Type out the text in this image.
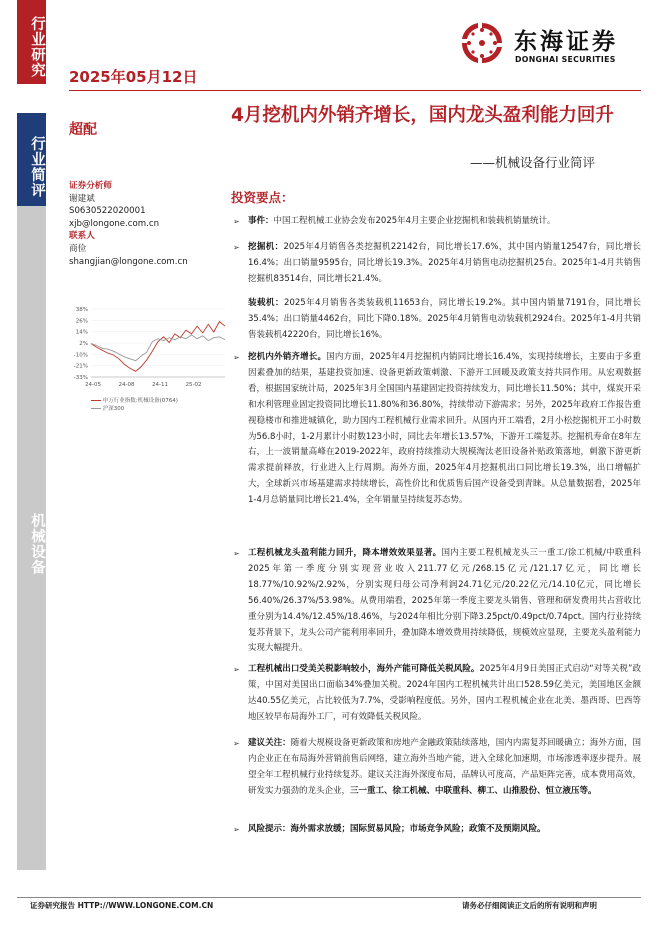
行业研究
行业简评
机械设备
2025年05月12日
东海证券
DONGHAI SECURITIES
超配
4月挖机内外销齐增长，国内龙头盈利能力回升
——机械设备行业简评
证券分析师
谢建斌
S0630522020001
xjb@longone.com.cn
联系人
商俭
shangjian@longone.com.cn
38%
26%
14%
2%
-10%
-21%
-33%
24-05	24-08	24-11	25-02
申万行业指数:机械设备(0764)
沪深300
投资要点：
➢ 事件：中国工程机械工业协会发布2025年4月主要企业挖掘机和装载机销量统计。
➢ 挖掘机：2025年4月销售各类挖掘机22142台，同比增长17.6%，其中国内销量12547台，同比增长16.4%；出口销量9595台，同比增长19.3%。2025年4月销售电动挖掘机25台。2025年1-4月共销售挖掘机83514台，同比增长21.4%。
装载机：2025年4月销售各类装载机11653台，同比增长19.2%。其中国内销量7191台，同比增长35.4%；出口销量4462台，同比下降0.18%。2025年4月销售电动装载机2924台。2025年1-4月共销售装载机42220台，同比增长16%。
➢ 挖机内外销齐增长。国内方面，2025年4月挖掘机内销同比增长16.4%，实现持续增长，主要由于多重因素叠加的结果，基建投资加速、设备更新政策刺激、下游开工回暖及政策支持共同作用。从宏观数据看，根据国家统计局，2025年3月全国国内基建固定投资持续发力，同比增长11.50%；其中，煤炭开采和水利管理业固定投资同比增长11.80%和36.80%，持续带动下游需求；另外，2025年政府工作报告重视稳楼市和推进城镇化，助力国内工程机械行业需求回升。从国内开工端看，2月小松挖掘机开工小时数为56.8小时，1-2月累计小时数123小时，同比去年增长13.57%，下游开工端复苏。挖掘机寿命在8年左右，上一波销量高峰在2019-2022年，政府持续推动大规模淘汰老旧设备补贴政策落地，刺激下游更新需求提前释放，行业进入上行周期。海外方面，2025年4月挖掘机出口同比增长19.3%，出口增幅扩大，全球新兴市场基建需求持续增长，高性价比和优质售后国产设备受到青睐。从总量数据看，2025年1-4月总销量同比增长21.4%，全年销量呈持续复苏态势。
➢ 工程机械龙头盈利能力回升，降本增效效果显著。国内主要工程机械龙头三一重工/徐工机械/中联重科2025年第一季度分别实现营业收入211.77亿元/268.15亿元/121.17亿元，同比增长18.77%/10.92%/2.92%，分别实现归母公司净利润24.71亿元/20.22亿元/14.10亿元，同比增长56.40%/26.37%/53.98%。从费用端看，2025年第一季度主要龙头销售、管理和研发费用共占营收比重分别为14.4%/12.45%/18.46%，与2024年相比分别下降3.25pct/0.49pct/0.74pct。国内行业持续复苏背景下，龙头公司产能利用率回升，叠加降本增效费用持续降低，规模效应显现，主要龙头盈利能力实现大幅提升。
➢ 工程机械出口受美关税影响较小，海外产能可降低关税风险。2025年4月9日美国正式启动“对等关税”政策，中国对美国出口面临34%叠加关税。2024年国内工程机械共计出口528.59亿美元，美国地区金额达40.55亿美元，占比较低为7.7%，受影响程度低。另外，国内工程机械企业在北美、墨西哥、巴西等地区较早布局海外工厂，可有效降低关税风险。
➢ 建议关注：随着大规模设备更新政策和房地产金融政策陆续落地，国内内需复苏回暖确立；海外方面，国内企业正在布局海外营销前售后网络，建立海外当地产能，进入全球化加速期，市场渗透率逐步提升。展望全年工程机械行业持续复苏。建议关注海外深度布局，品牌认可度高，产品矩阵完善，成本费用高效，研发实力强劲的龙头企业，三一重工、徐工机械、中联重科、柳工、山推股份、恒立液压等。
➢ 风险提示：海外需求放缓；国际贸易风险；市场竞争风险；政策不及预期风险。
证券研究报告 HTTP://WWW.LONGONE.COM.CN	请务必仔细阅读正文后的所有说明和声明
